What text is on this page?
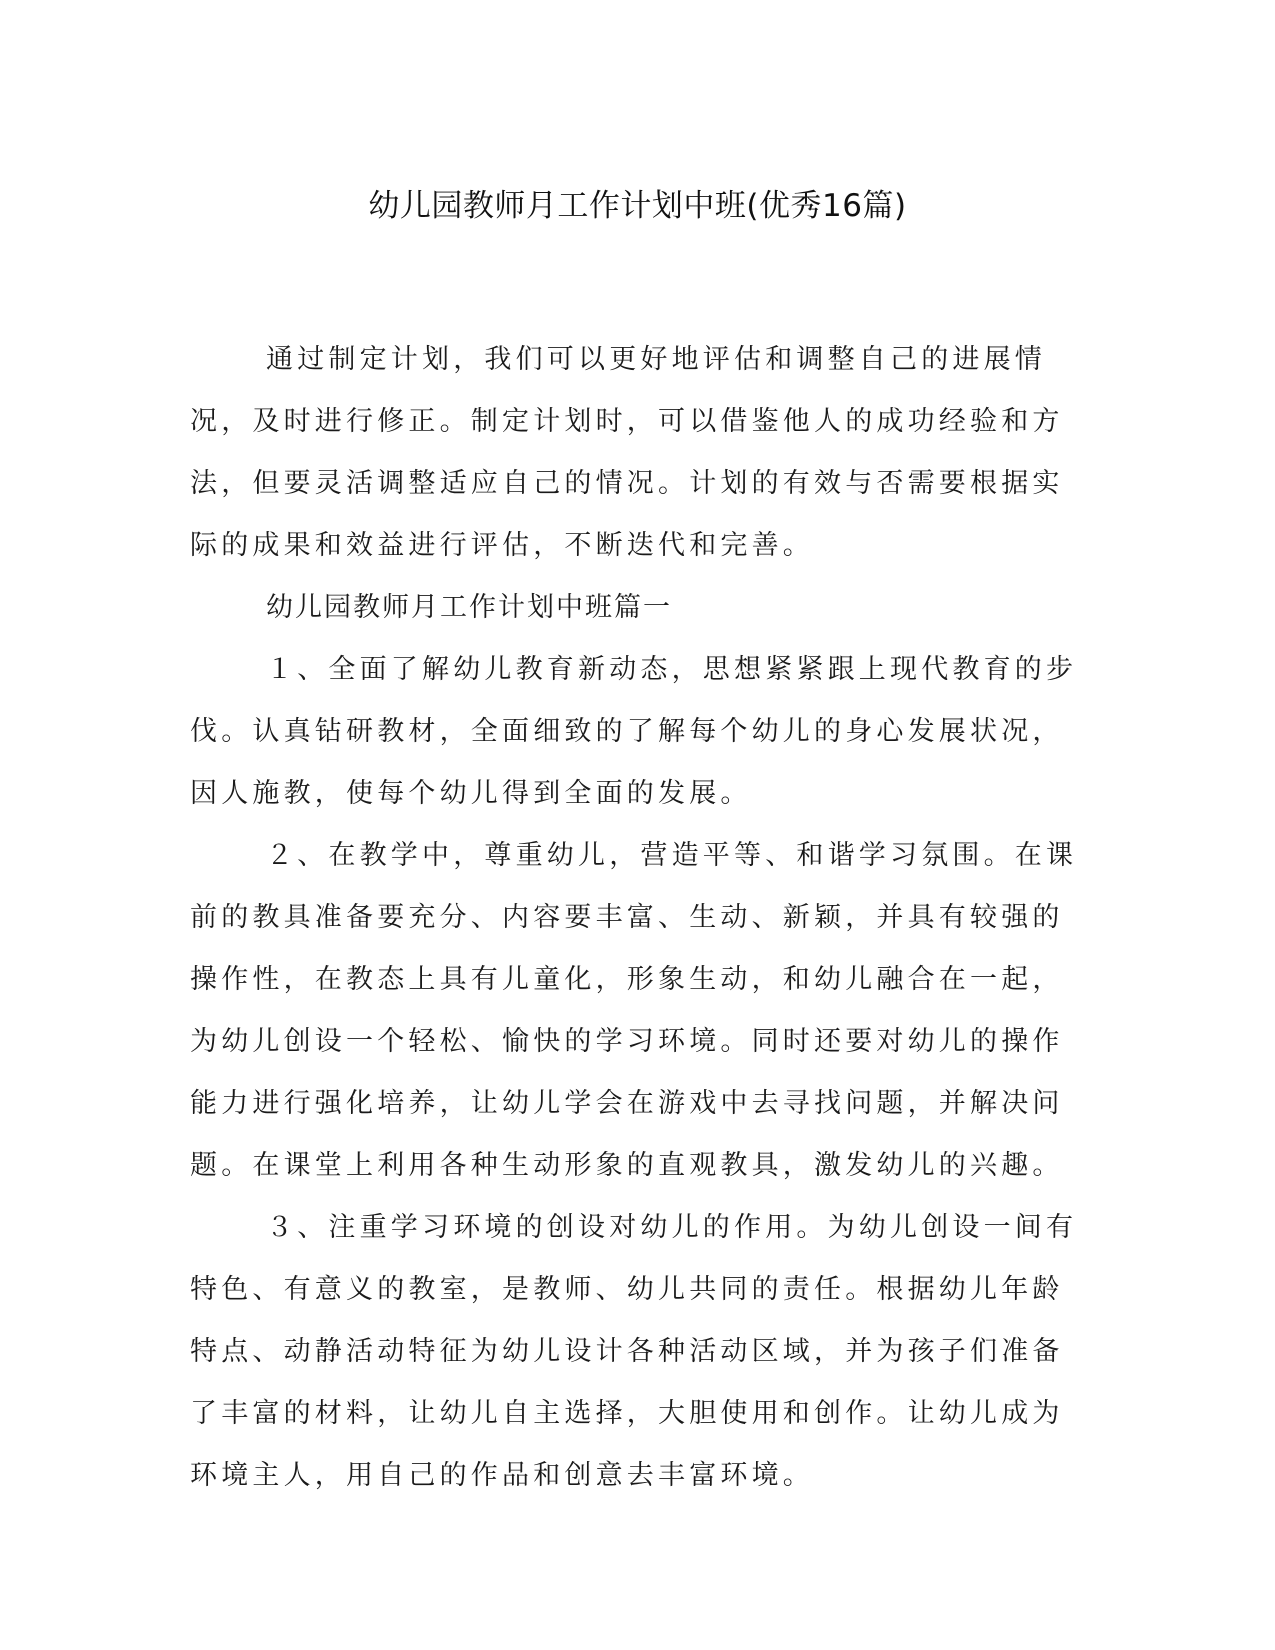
幼儿园教师月工作计划中班(优秀16篇)

通过制定计划，我们可以更好地评估和调整自己的进展情况，及时进行修正。制定计划时，可以借鉴他人的成功经验和方法，但要灵活调整适应自己的情况。计划的有效与否需要根据实际的成果和效益进行评估，不断迭代和完善。

幼儿园教师月工作计划中班篇一

１、全面了解幼儿教育新动态，思想紧紧跟上现代教育的步伐。认真钻研教材，全面细致的了解每个幼儿的身心发展状况，因人施教，使每个幼儿得到全面的发展。

２、在教学中，尊重幼儿，营造平等、和谐学习氛围。在课前的教具准备要充分、内容要丰富、生动、新颖，并具有较强的操作性，在教态上具有儿童化，形象生动，和幼儿融合在一起，为幼儿创设一个轻松、愉快的学习环境。同时还要对幼儿的操作能力进行强化培养，让幼儿学会在游戏中去寻找问题，并解决问题。在课堂上利用各种生动形象的直观教具，激发幼儿的兴趣。

３、注重学习环境的创设对幼儿的作用。为幼儿创设一间有特色、有意义的教室，是教师、幼儿共同的责任。根据幼儿年龄特点、动静活动特征为幼儿设计各种活动区域，并为孩子们准备了丰富的材料，让幼儿自主选择，大胆使用和创作。让幼儿成为环境主人，用自己的作品和创意去丰富环境。
